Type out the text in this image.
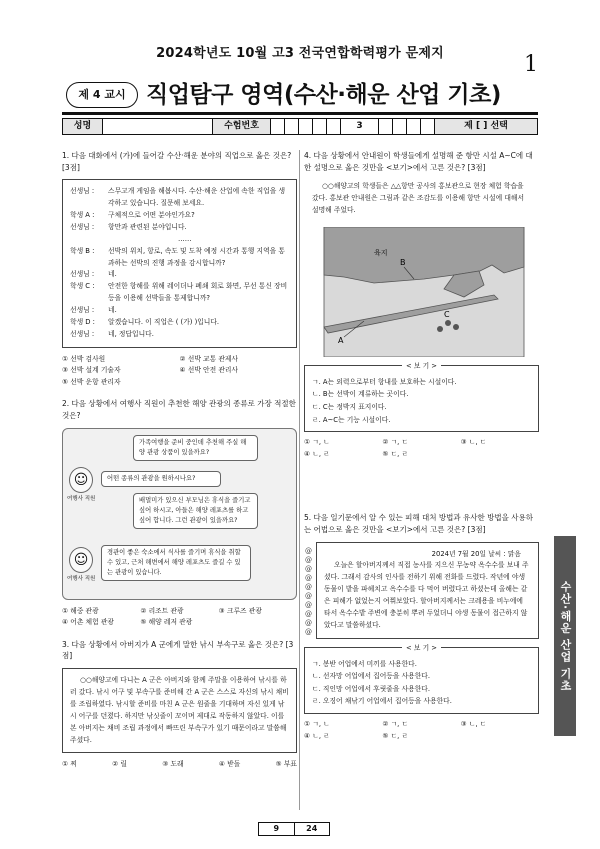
2024학년도 10월 고3 전국연합학력평가 문제지	1
제 4 교시 직업탐구 영역(수산·해운 산업 기초)
성명	수험번호	3	제 [ ] 선택
1. 다음 대화에서 (가)에 들어갈 수산·해운 분야의 직업으로 옳은 것은? [3점]
선생님 :	스무고개 게임을 해봅시다. 수산·해운 산업에 속한 직업을 생각하고 있습니다. 질문해 보세요.
학생 A :	구체적으로 어떤 분야인가요?
선생님 :	항만과 관련된 분야입니다.
……
학생 B :	선박의 위치, 항로, 속도 및 도착 예정 시간과 통행 지역을 통과하는 선박의 진행 과정을 감시합니까?
선생님 :	네.
학생 C :	안전한 항해를 위해 레이더나 폐쇄 회로 화면, 무선 통신 장비 등을 이용해 선박들을 통제합니까?
선생님 :	네.
학생 D :	알겠습니다. 이 직업은 ( (가) )입니다.
선생님 :	네, 정답입니다.
① 선박 검사원	② 선박 교통 관제사
③ 선박 설계 기술자	④ 선박 안전 관리사
⑤ 선박 운항 관리자
2. 다음 상황에서 여행사 직원이 추천한 해양 관광의 종류로 가장 적절한 것은?
가족여행을 준비 중인데 추천해 주실 해양 관광 상품이 있을까요?
☺
여행사 직원
어떤 종류의 관광을 원하시나요?
배멀미가 있으신 부모님은 휴식을 즐기고 싶어 하시고, 아들은 해양 레포츠를 하고 싶어 합니다. 그런 관광이 있을까요?
☺
여행사 직원
경관이 좋은 숙소에서 식사를 즐기며 휴식을 취할 수 있고, 근처 해변에서 해양 레포츠도 즐길 수 있는 관광이 있습니다.
① 해중 관광	② 리조트 관광	③ 크루즈 관광
④ 어촌 체험 관광	⑤ 해양 레저 관광
3. 다음 상황에서 아버지가 A 군에게 말한 낚시 부속구로 옳은 것은? [3점]
○○해양고에 다니는 A 군은 아버지와 함께 주말을 이용하여 낚시를 하러 갔다. 낚시 어구 및 부속구를 준비해 간 A 군은 스스로 자신의 낚시 채비를 조립하였다. 낚시할 준비를 마친 A 군은 원줄을 기대하며 자신 있게 낚시 어구를 던졌다. 하지만 낚싯줄이 꼬이며 제대로 작동하지 않았다. 이를 본 아버지는 채비 조립 과정에서 빠뜨린 부속구가 있기 때문이라고 말씀해 주셨다.
① 찌	② 릴	③ 도래	④ 받돌	⑤ 부표
4. 다음 상황에서 안내원이 학생들에게 설명해 준 항만 시설 A~C에 대한 설명으로 옳은 것만을 <보기>에서 고른 것은? [3점]
○○해양고의 학생들은 △△항만 공사의 홍보관으로 현장 체험 학습을 갔다. 홍보관 안내원은 그림과 같은 조감도를 이용해 항만 시설에 대해서 설명해 주었다.
육지
A
B
C
< 보 기 >
ㄱ. A는 외력으로부터 항내를 보호하는 시설이다.
ㄴ. B는 선박이 계류하는 곳이다.
ㄷ. C는 정박지 표지이다.
ㄹ. A~C는 기능 시설이다.
① ㄱ, ㄴ	② ㄱ, ㄷ	③ ㄴ, ㄷ
④ ㄴ, ㄹ	⑤ ㄷ, ㄹ
5. 다음 일기문에서 알 수 있는 피해 대처 방법과 유사한 방법을 사용하는 어법으로 옳은 것만을 <보기>에서 고른 것은? [3점]
@
@
@
@
@
@
@
@
@
@
2024년 7월 20일 날씨 : 맑음
오늘은 할아버지께서 직접 농사를 지으신 무농약 옥수수를 보내 주셨다. 그래서 감사의 인사를 전하기 위해 전화를 드렸다. 작년에 야생 동물이 밭을 파헤치고 옥수수를 다 먹어 버렸다고 하셨는데 올해는 같은 피해가 없었는지 여쭤보았다. 할아버지께서는 크레용을 비누에에 타서 옥수수밭 주변에 충분히 뿌려 두었더니 야생 동물이 접근하지 않았다고 말씀하셨다.
< 보 기 >
ㄱ. 봉받 어업에서 미끼를 사용한다.
ㄴ. 선자망 어업에서 집어등을 사용한다.
ㄷ. 직인망 어업에서 후릿줄을 사용한다.
ㄹ. 오징어 채낚기 어업에서 집어등을 사용한다.
① ㄱ, ㄴ	② ㄱ, ㄷ	③ ㄴ, ㄷ
④ ㄴ, ㄹ	⑤ ㄷ, ㄹ
수산·해운 산업 기초
9	24
